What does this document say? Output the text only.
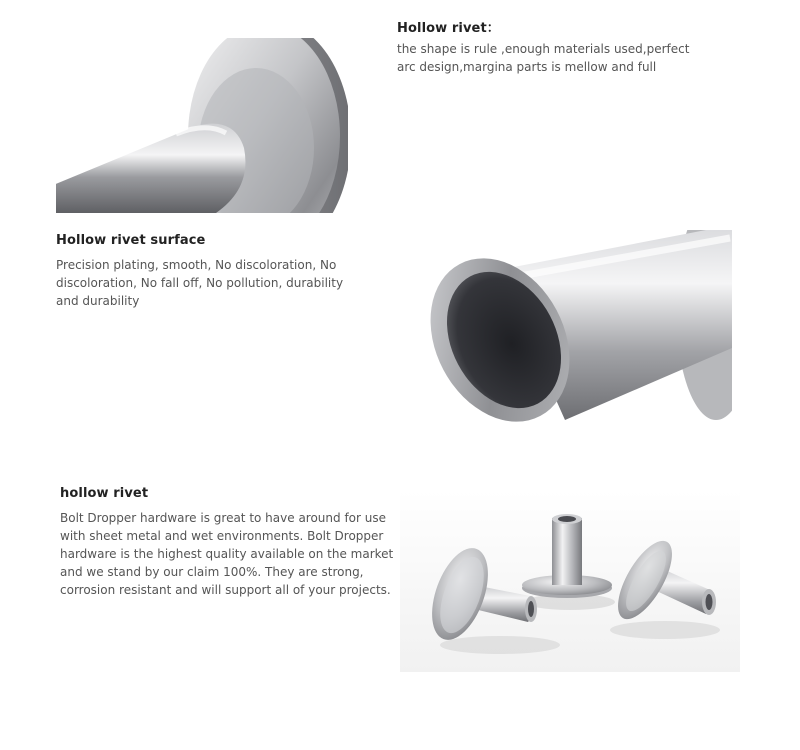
Hollow rivet：

the shape is rule ,enough materials used,perfect arc design,margina parts is mellow and full

Hollow rivet surface

Precision plating, smooth, No discoloration, No discoloration, No fall off, No pollution, durability and durability

hollow rivet

Bolt Dropper hardware is great to have around for use with sheet metal and wet environments. Bolt Dropper hardware is the highest quality available on the market and we stand by our claim 100%. They are strong, corrosion resistant and will support all of your projects.
